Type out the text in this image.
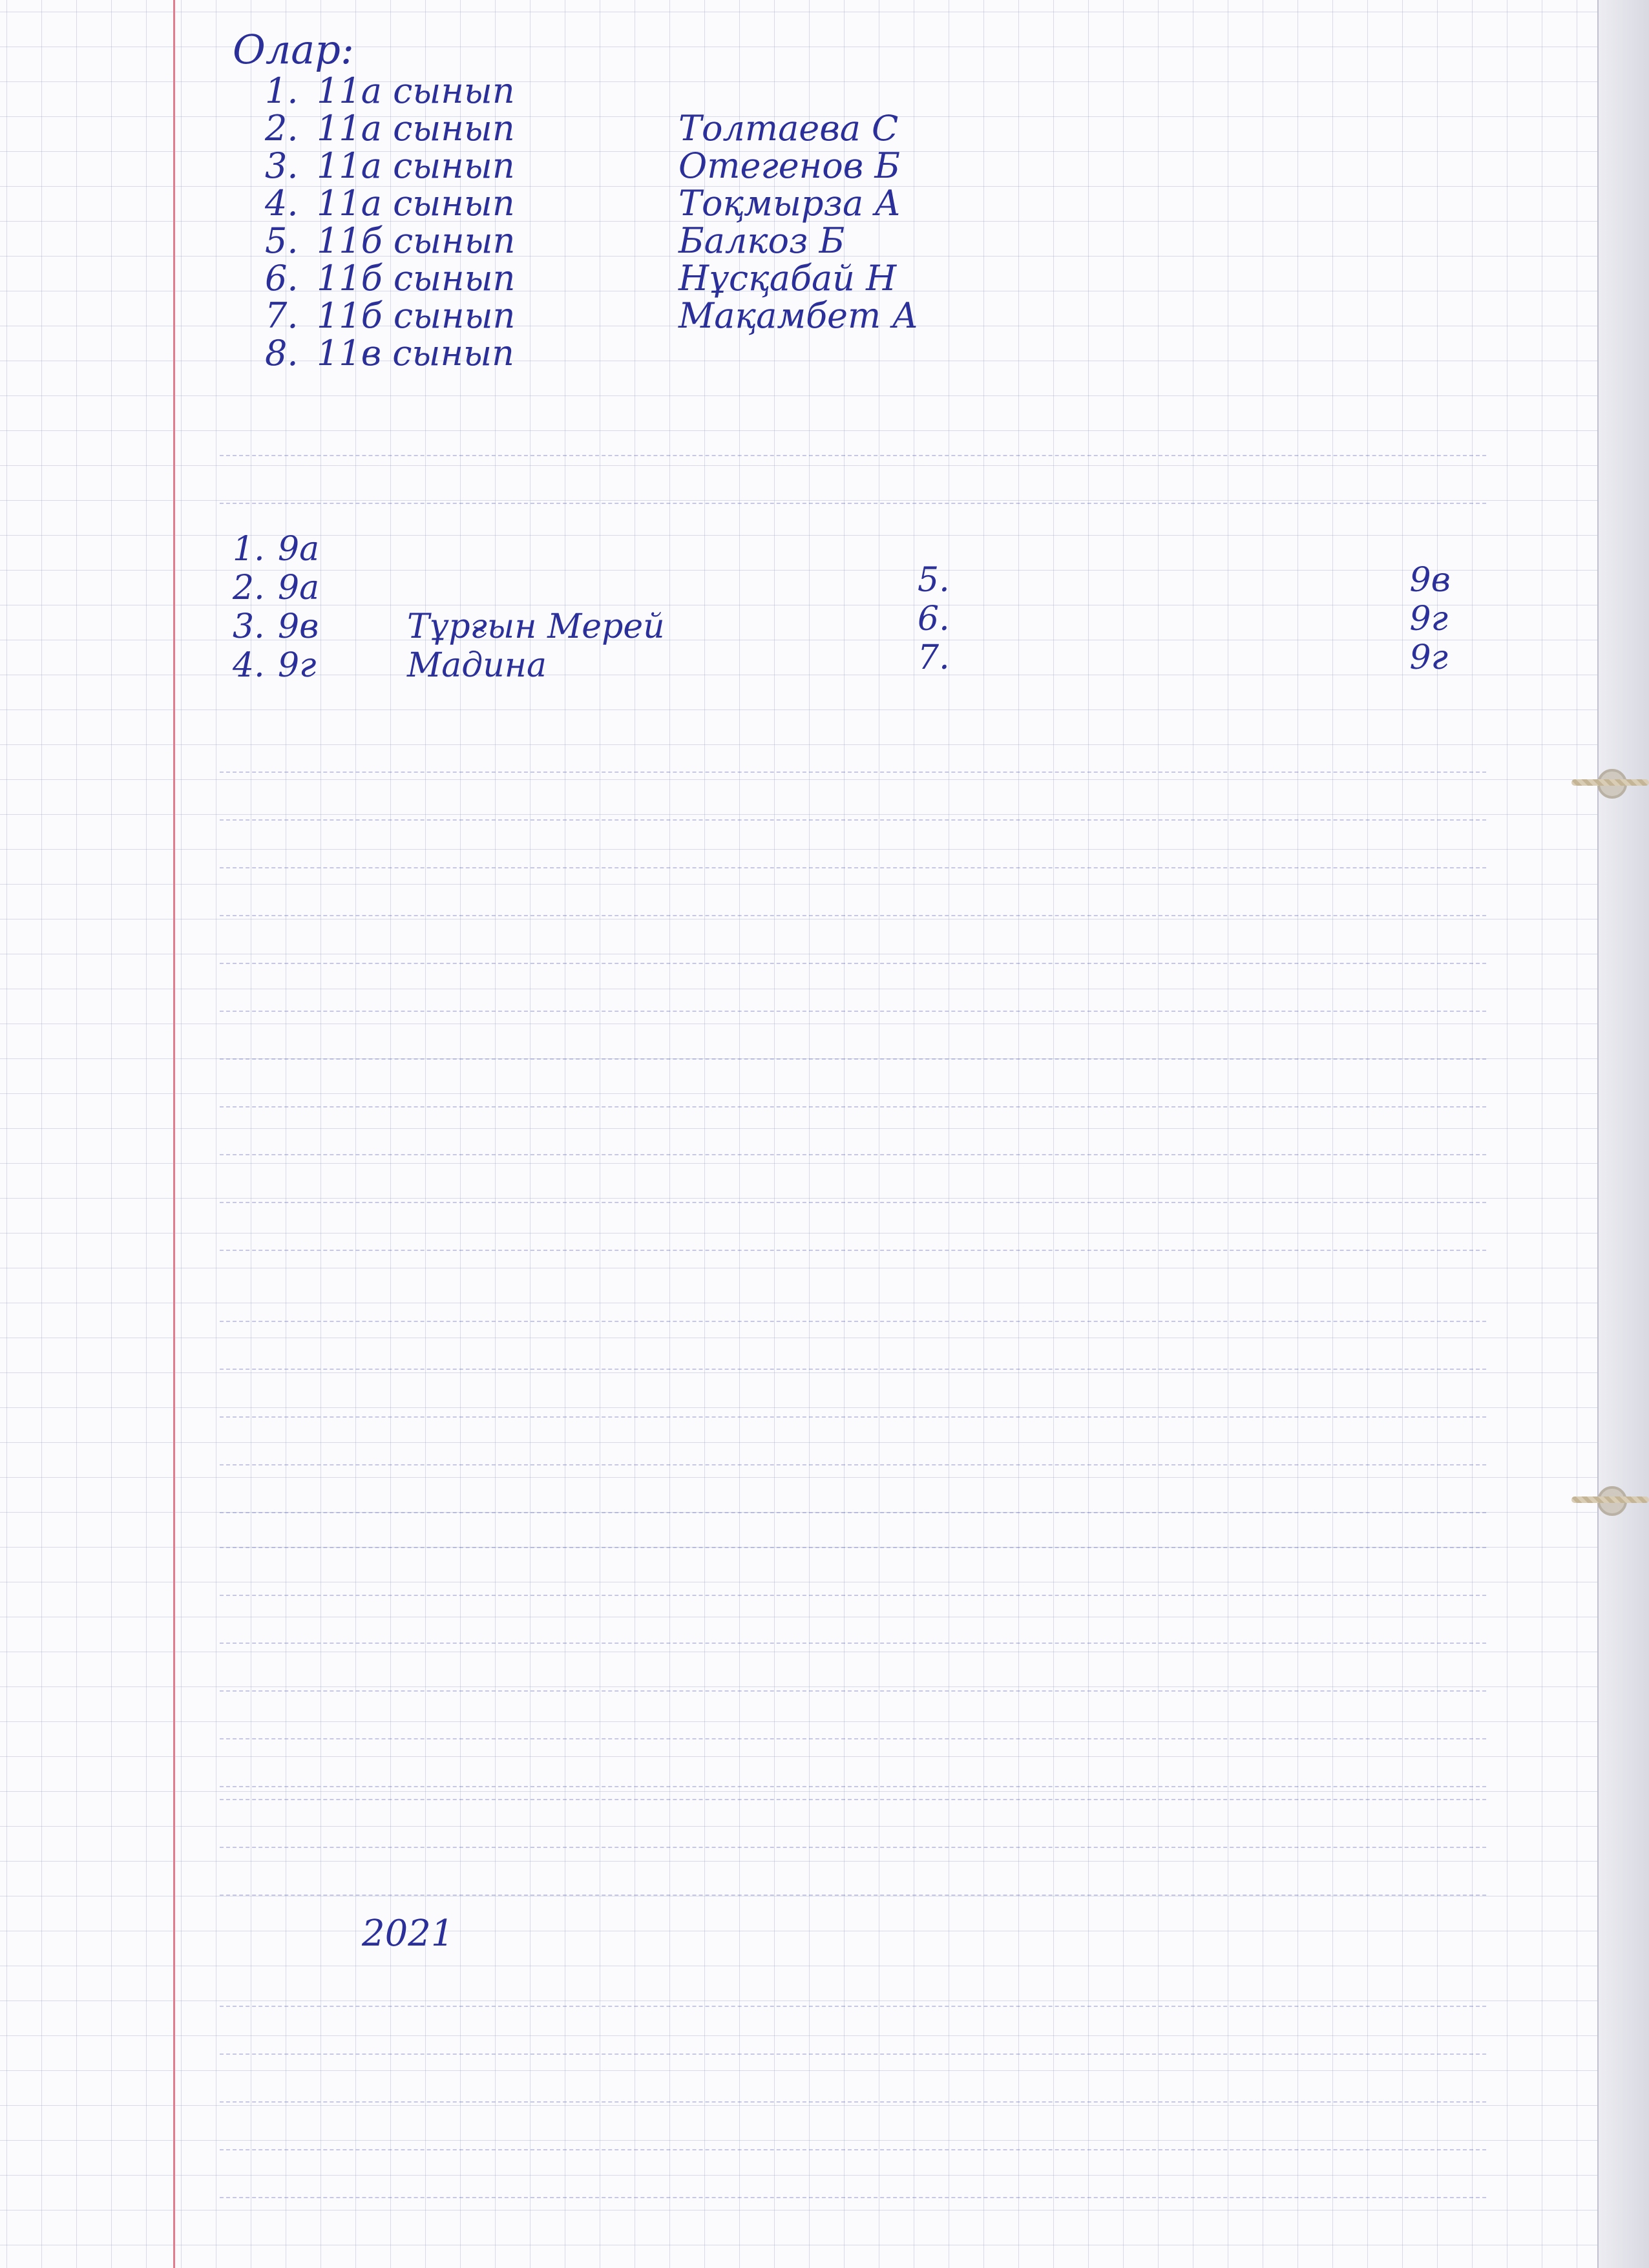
Олар:
1. 11а сынып
2. 11а сынып	Толтаева С
3. 11а сынып	Отегенов Б
4. 11а сынып	Тоқмырза А
5. 11б сынып	Балкоз Б
6. 11б сынып	Нұсқабай Н
7. 11б сынып	Мақамбет А
8. 11в сынып
1. 9а
2. 9а
3. 9в	Тұрғын Мерей
4. 9г	Мадина
5.	9в
6.	9г
7.	9г
2021
